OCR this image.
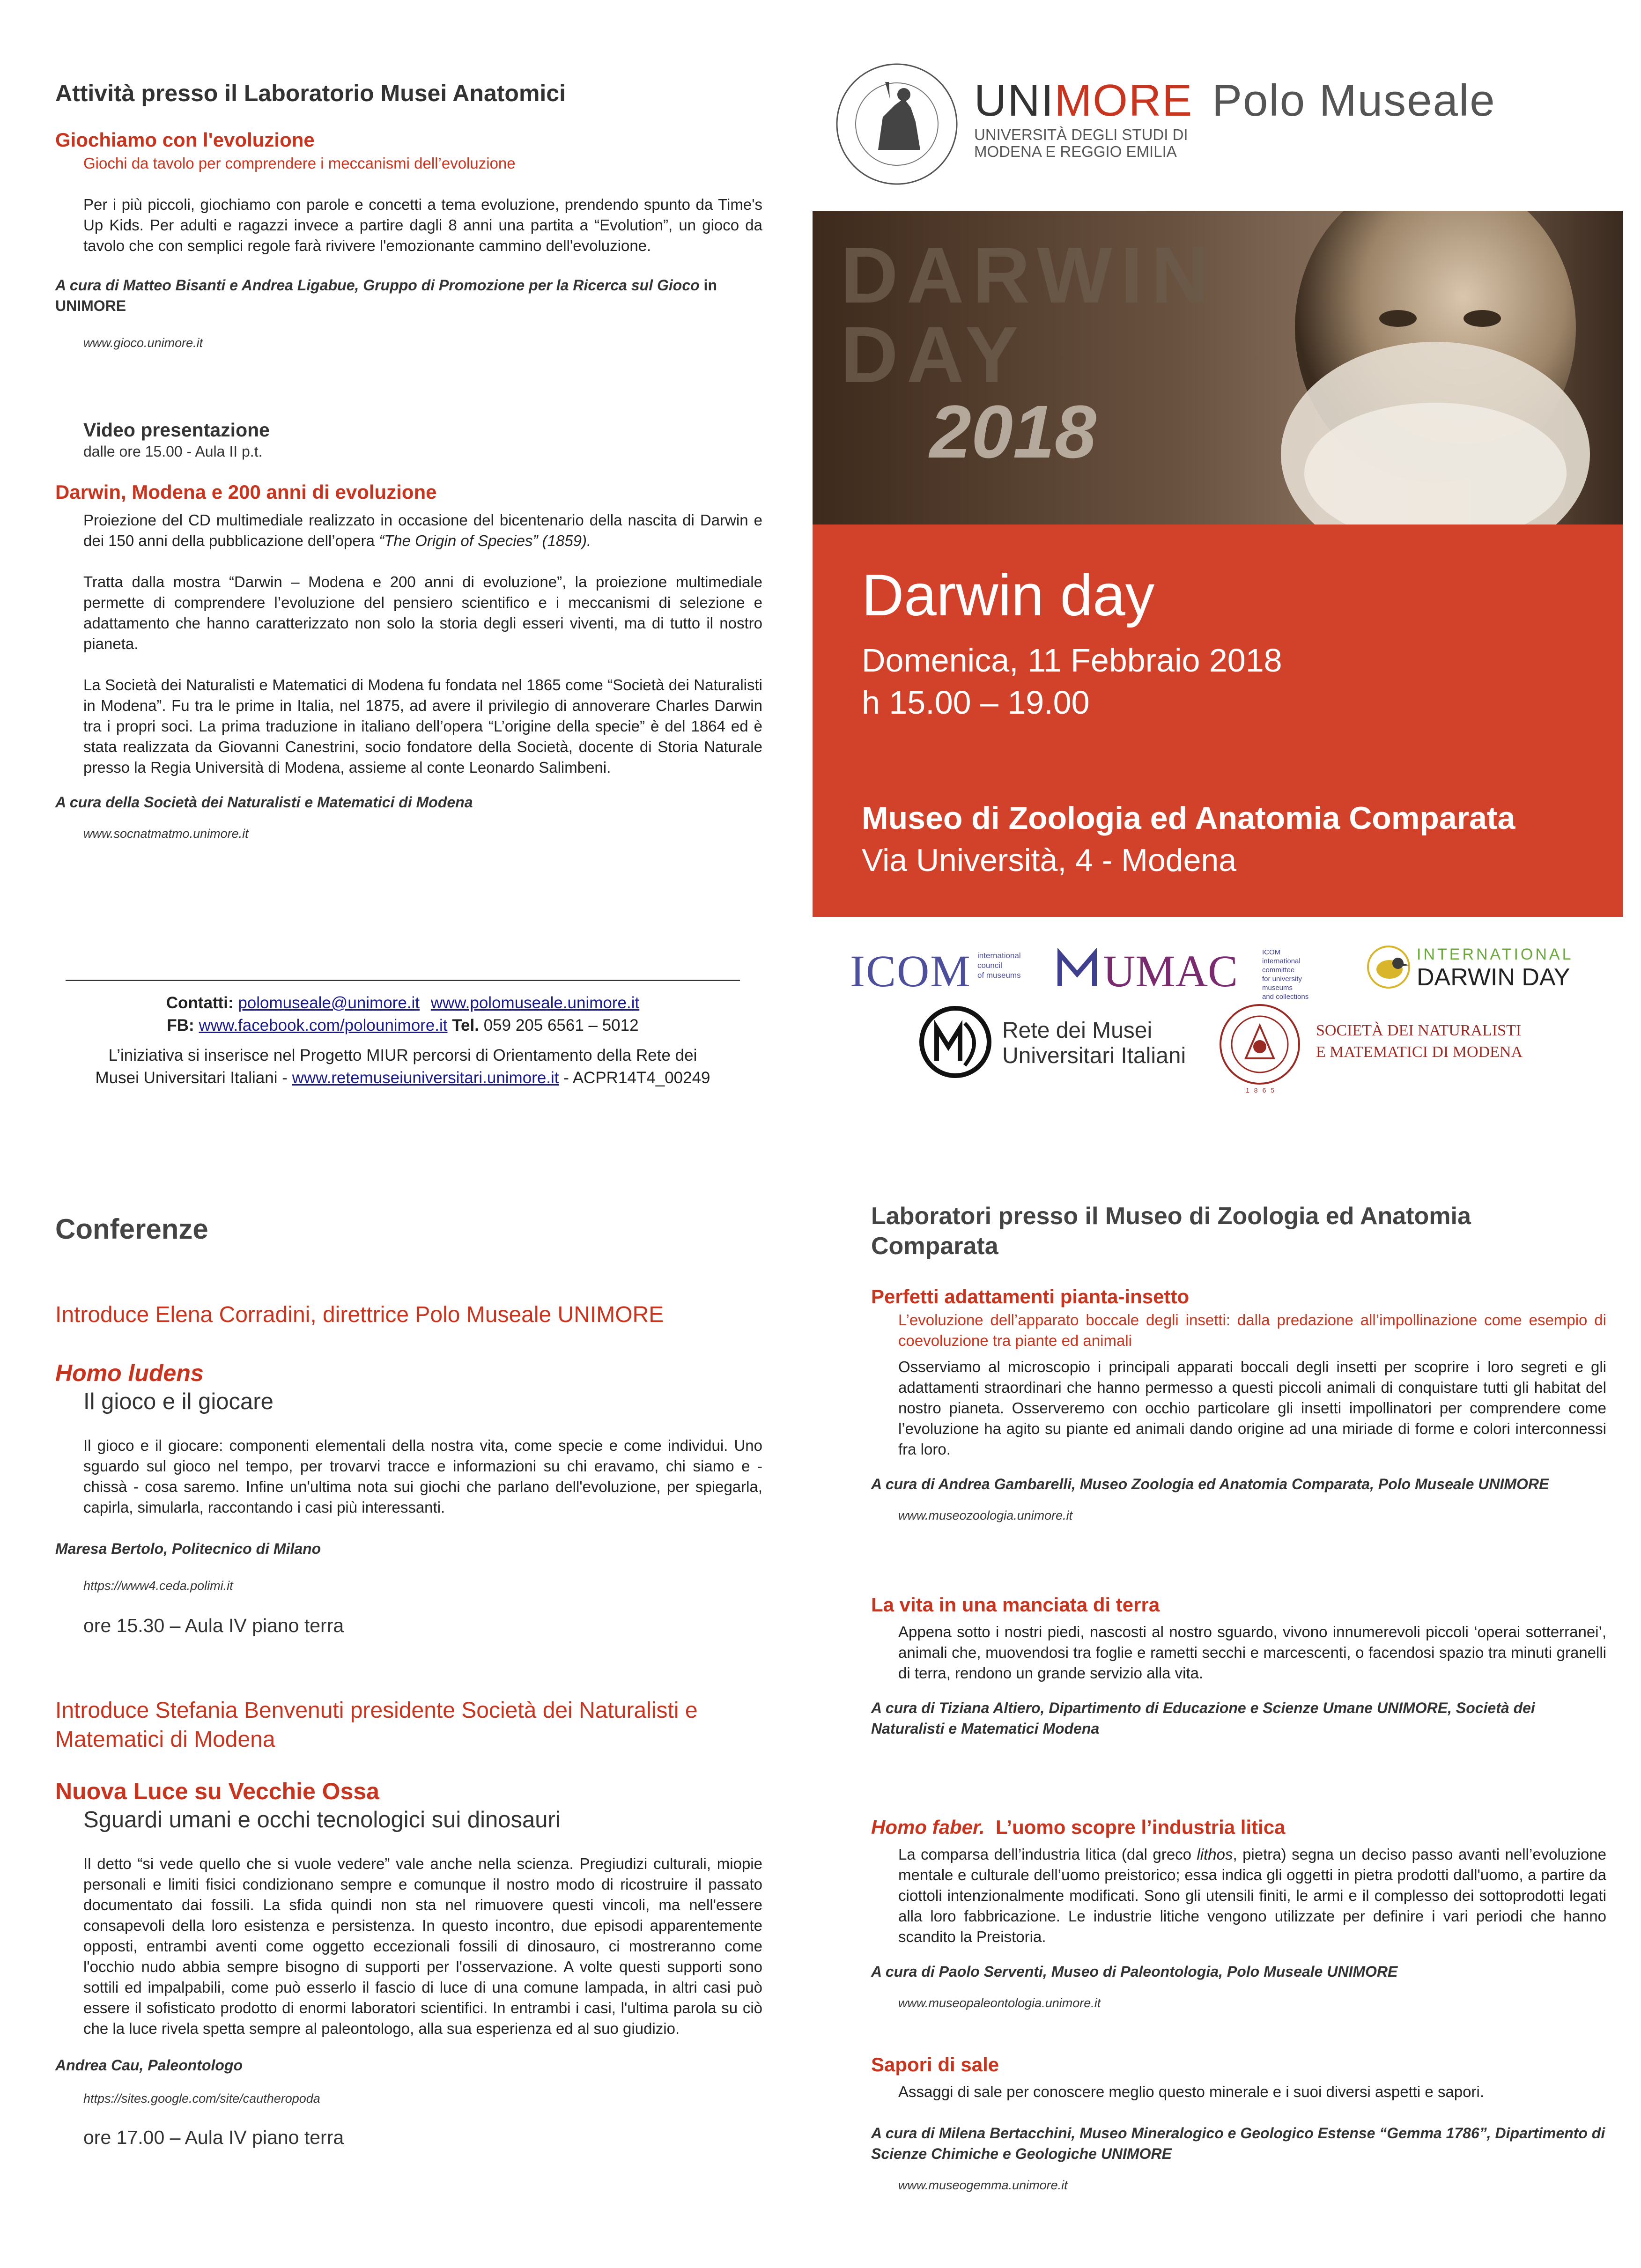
Attività presso il Laboratorio Musei Anatomici
Giochiamo con l'evoluzione
Giochi da tavolo per comprendere i meccanismi dell’evoluzione

Per i più piccoli, giochiamo con parole e concetti a tema evoluzione, prendendo spunto da Time's Up Kids. Per adulti e ragazzi invece a partire dagli 8 anni una partita a “Evolution”, un gioco da tavolo che con semplici regole farà rivivere l'emozionante cammino dell'evoluzione.

A cura di Matteo Bisanti e Andrea Ligabue, Gruppo di Promozione per la Ricerca sul Gioco in UNIMORE
www.gioco.unimore.it
Video presentazione
dalle ore 15.00 - Aula II p.t.
Darwin, Modena e 200 anni di evoluzione

Proiezione del CD multimediale realizzato in occasione del bicentenario della nascita di Darwin e dei 150 anni della pubblicazione dell’opera “The Origin of Species” (1859).

Tratta dalla mostra “Darwin – Modena e 200 anni di evoluzione”, la proiezione multimediale permette di comprendere l’evoluzione del pensiero scientifico e i meccanismi di selezione e adattamento che hanno caratterizzato non solo la storia degli esseri viventi, ma di tutto il nostro pianeta.

La Società dei Naturalisti e Matematici di Modena fu fondata nel 1865 come “Società dei Naturalisti in Modena”. Fu tra le prime in Italia, nel 1875, ad avere il privilegio di annoverare Charles Darwin tra i propri soci. La prima traduzione in italiano dell’opera “L’origine della specie” è del 1864 ed è stata realizzata da Giovanni Canestrini, socio fondatore della Società, docente di Storia Naturale presso la Regia Università di Modena, assieme al conte Leonardo Salimbeni.

A cura della Società dei Naturalisti e Matematici di Modena
www.socnatmatmo.unimore.it
Contatti: polomuseale@unimore.it www.polomuseale.unimore.it
FB: www.facebook.com/polounimore.it Tel. 059 205 6561 – 5012
L’iniziativa si inserisce nel Progetto MIUR percorsi di Orientamento della Rete dei
Musei Universitari Italiani - www.retemuseiuniversitari.unimore.it - ACPR14T4_00249
UNIMORE Polo Museale
UNIVERSITÀ DEGLI STUDI DI
MODENA E REGGIO EMILIA
DARWIN
DAY
2018
Darwin day
Domenica, 11 Febbraio 2018
h 15.00 – 19.00
Museo di Zoologia ed Anatomia Comparata
Via Università, 4 - Modena
ICOM international
council
of museums UMAC	ICOM
international committee
for university museums
and collections
INTERNATIONAL
DARWIN DAY
Rete dei Musei
Universitari Italiani
1865
SOCIETÀ DEI NATURALISTI
E MATEMATICI DI MODENA
Conferenze
Introduce Elena Corradini, direttrice Polo Museale UNIMORE
Homo ludens
Il gioco e il giocare

Il gioco e il giocare: componenti elementali della nostra vita, come specie e come individui. Uno sguardo sul gioco nel tempo, per trovarvi tracce e informazioni su chi eravamo, chi siamo e - chissà - cosa saremo. Infine un'ultima nota sui giochi che parlano dell'evoluzione, per spiegarla, capirla, simularla, raccontando i casi più interessanti.

Maresa Bertolo, Politecnico di Milano
https://www4.ceda.polimi.it
ore 15.30 – Aula IV piano terra
Introduce Stefania Benvenuti presidente Società dei Naturalisti e Matematici di Modena
Nuova Luce su Vecchie Ossa
Sguardi umani e occhi tecnologici sui dinosauri

Il detto “si vede quello che si vuole vedere” vale anche nella scienza. Pregiudizi culturali, miopie personali e limiti fisici condizionano sempre e comunque il nostro modo di ricostruire il passato documentato dai fossili. La sfida quindi non sta nel rimuovere questi vincoli, ma nell'essere consapevoli della loro esistenza e persistenza. In questo incontro, due episodi apparentemente opposti, entrambi aventi come oggetto eccezionali fossili di dinosauro, ci mostreranno come l'occhio nudo abbia sempre bisogno di supporti per l'osservazione. A volte questi supporti sono sottili ed impalpabili, come può esserlo il fascio di luce di una comune lampada, in altri casi può essere il sofisticato prodotto di enormi laboratori scientifici. In entrambi i casi, l'ultima parola su ciò che la luce rivela spetta sempre al paleontologo, alla sua esperienza ed al suo giudizio.

Andrea Cau, Paleontologo
https://sites.google.com/site/cautheropoda
ore 17.00 – Aula IV piano terra
Laboratori presso il Museo di Zoologia ed Anatomia Comparata
Perfetti adattamenti pianta-insetto
L’evoluzione dell’apparato boccale degli insetti: dalla predazione all’impollinazione come esempio di coevoluzione tra piante ed animali

Osserviamo al microscopio i principali apparati boccali degli insetti per scoprire i loro segreti e gli adattamenti straordinari che hanno permesso a questi piccoli animali di conquistare tutti gli habitat del nostro pianeta. Osserveremo con occhio particolare gli insetti impollinatori per comprendere come l’evoluzione ha agito su piante ed animali dando origine ad una miriade di forme e colori interconnessi fra loro.

A cura di Andrea Gambarelli, Museo Zoologia ed Anatomia Comparata, Polo Museale UNIMORE
www.museozoologia.unimore.it
La vita in una manciata di terra

Appena sotto i nostri piedi, nascosti al nostro sguardo, vivono innumerevoli piccoli ‘operai sotterranei’, animali che, muovendosi tra foglie e rametti secchi e marcescenti, o facendosi spazio tra minuti granelli di terra, rendono un grande servizio alla vita.

A cura di Tiziana Altiero, Dipartimento di Educazione e Scienze Umane UNIMORE, Società dei Naturalisti e Matematici Modena
Homo faber.  L’uomo scopre l’industria litica

La comparsa dell’industria litica (dal greco lithos, pietra) segna un deciso passo avanti nell’evoluzione mentale e culturale dell’uomo preistorico; essa indica gli oggetti in pietra prodotti dall'uomo, a partire da ciottoli intenzionalmente modificati. Sono gli utensili finiti, le armi e il complesso dei sottoprodotti legati alla loro fabbricazione. Le industrie litiche vengono utilizzate per definire i vari periodi che hanno scandito la Preistoria.

A cura di Paolo Serventi, Museo di Paleontologia, Polo Museale UNIMORE
www.museopaleontologia.unimore.it
Sapori di sale

Assaggi di sale per conoscere meglio questo minerale e i suoi diversi aspetti e sapori.

A cura di Milena Bertacchini, Museo Mineralogico e Geologico Estense “Gemma 1786”, Dipartimento di Scienze Chimiche e Geologiche UNIMORE
www.museogemma.unimore.it
